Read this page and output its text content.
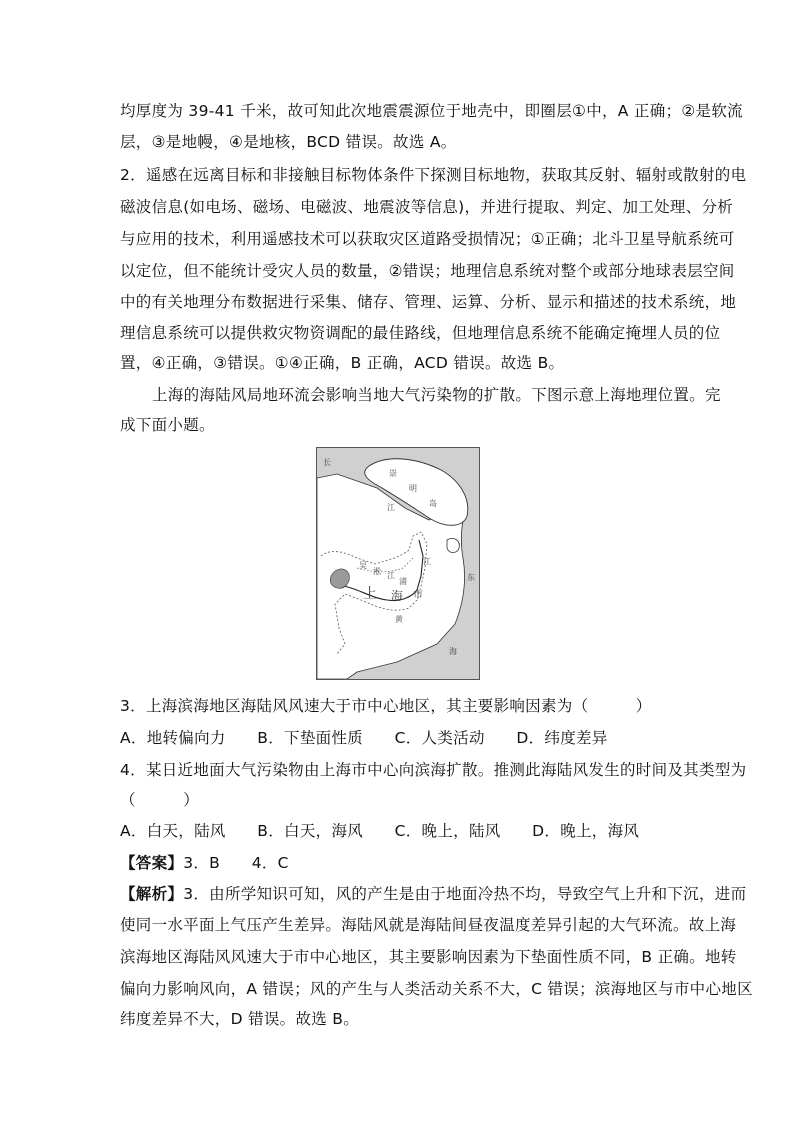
均厚度为 39-41 千米，故可知此次地震震源位于地壳中，即圈层①中，A 正确；②是软流
层，③是地幔，④是地核，BCD 错误。故选 A。
2．遥感在远离目标和非接触目标物体条件下探测目标地物，获取其反射、辐射或散射的电
磁波信息(如电场、磁场、电磁波、地震波等信息)，并进行提取、判定、加工处理、分析
与应用的技术，利用遥感技术可以获取灾区道路受损情况；①正确；北斗卫星导航系统可
以定位，但不能统计受灾人员的数量，②错误；地理信息系统对整个或部分地球表层空间
中的有关地理分布数据进行采集、储存、管理、运算、分析、显示和描述的技术系统，地
理信息系统可以提供救灾物资调配的最佳路线，但地理信息系统不能确定掩埋人员的位
置，④正确，③错误。①④正确，B 正确，ACD 错误。故选 B。
上海的海陆风局地环流会影响当地大气污染物的扩散。下图示意上海地理位置。完
成下面小题。
长
崇
明
岛
江
江
东
海
吴
淞 江
浦
上 海 市
黄
3．上海滨海地区海陆风风速大于市中心地区，其主要影响因素为（　　　）
A．地转偏向力　　B．下垫面性质　　C．人类活动　　D．纬度差异
4．某日近地面大气污染物由上海市中心向滨海扩散。推测此海陆风发生的时间及其类型为
（　　　）
A．白天，陆风　　B．白天，海风　　C．晚上，陆风　　D．晚上，海风
【答案】3．B　　4．C
【解析】3．由所学知识可知，风的产生是由于地面冷热不均，导致空气上升和下沉，进而
使同一水平面上气压产生差异。海陆风就是海陆间昼夜温度差异引起的大气环流。故上海
滨海地区海陆风风速大于市中心地区，其主要影响因素为下垫面性质不同，B 正确。地转
偏向力影响风向，A 错误；风的产生与人类活动关系不大，C 错误；滨海地区与市中心地区
纬度差异不大，D 错误。故选 B。
